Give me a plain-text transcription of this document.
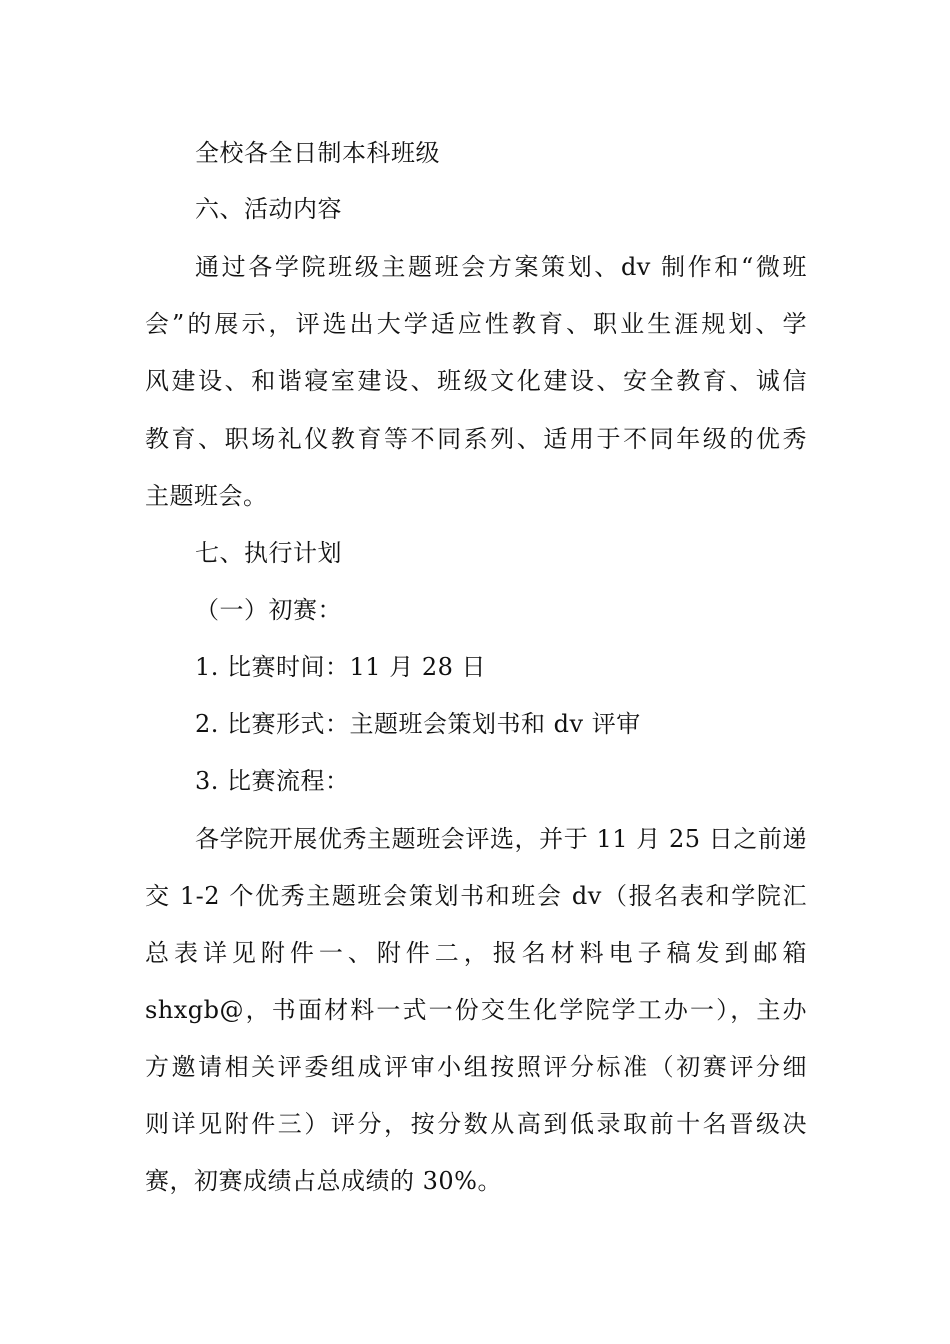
全校各全日制本科班级
六、活动内容
通过各学院班级主题班会方案策划、dv 制作和“微班
会”的展示，评选出大学适应性教育、职业生涯规划、学
风建设、和谐寝室建设、班级文化建设、安全教育、诚信
教育、职场礼仪教育等不同系列、适用于不同年级的优秀
主题班会。
七、执行计划
（一）初赛：
1. 比赛时间：11 月 28 日
2. 比赛形式：主题班会策划书和 dv 评审
3. 比赛流程：
各学院开展优秀主题班会评选，并于 11 月 25 日之前递
交 1-2 个优秀主题班会策划书和班会 dv（报名表和学院汇
总表详见附件一、附件二，报名材料电子稿发到邮箱
shxgb@，书面材料一式一份交生化学院学工办一），主办
方邀请相关评委组成评审小组按照评分标准（初赛评分细
则详见附件三）评分，按分数从高到低录取前十名晋级决
赛，初赛成绩占总成绩的 30%。
